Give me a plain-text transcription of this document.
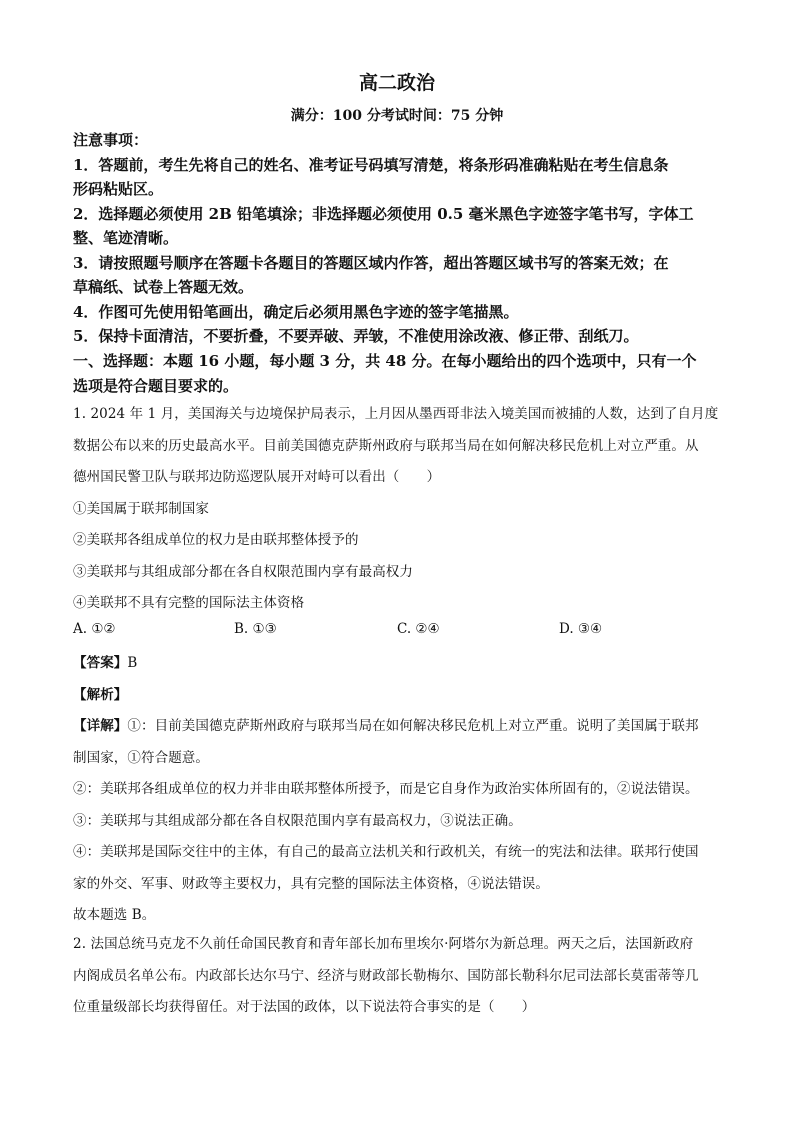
高二政治
满分：100 分考试时间：75 分钟
注意事项：
1．答题前，考生先将自己的姓名、准考证号码填写清楚，将条形码准确粘贴在考生信息条
形码粘贴区。
2．选择题必须使用 2B 铅笔填涂；非选择题必须使用 0.5 毫米黑色字迹签字笔书写，字体工
整、笔迹清晰。
3．请按照题号顺序在答题卡各题目的答题区域内作答，超出答题区域书写的答案无效；在
草稿纸、试卷上答题无效。
4．作图可先使用铅笔画出，确定后必须用黑色字迹的签字笔描黑。
5．保持卡面清洁，不要折叠，不要弄破、弄皱，不准使用涂改液、修正带、刮纸刀。
一、选择题：本题 16 小题，每小题 3 分，共 48 分。在每小题给出的四个选项中，只有一个
选项是符合题目要求的。
1. 2024 年 1 月，美国海关与边境保护局表示，上月因从墨西哥非法入境美国而被捕的人数，达到了自月度
数据公布以来的历史最高水平。目前美国德克萨斯州政府与联邦当局在如何解决移民危机上对立严重。从
德州国民警卫队与联邦边防巡逻队展开对峙可以看出（　　）
①美国属于联邦制国家
②美联邦各组成单位的权力是由联邦整体授予的
③美联邦与其组成部分都在各自权限范围内享有最高权力
④美联邦不具有完整的国际法主体资格
A. ①②	B. ①③	C. ②④	D. ③④
【答案】B
【解析】
【详解】①：目前美国德克萨斯州政府与联邦当局在如何解决移民危机上对立严重。说明了美国属于联邦
制国家，①符合题意。
②：美联邦各组成单位的权力并非由联邦整体所授予，而是它自身作为政治实体所固有的，②说法错误。
③：美联邦与其组成部分都在各自权限范围内享有最高权力，③说法正确。
④：美联邦是国际交往中的主体，有自己的最高立法机关和行政机关，有统一的宪法和法律。联邦行使国
家的外交、军事、财政等主要权力，具有完整的国际法主体资格，④说法错误。
故本题选 B。
2. 法国总统马克龙不久前任命国民教育和青年部长加布里埃尔·阿塔尔为新总理。两天之后，法国新政府
内阁成员名单公布。内政部长达尔马宁、经济与财政部长勒梅尔、国防部长勒科尔尼司法部长莫雷蒂等几
位重量级部长均获得留任。对于法国的政体，以下说法符合事实的是（　　）
